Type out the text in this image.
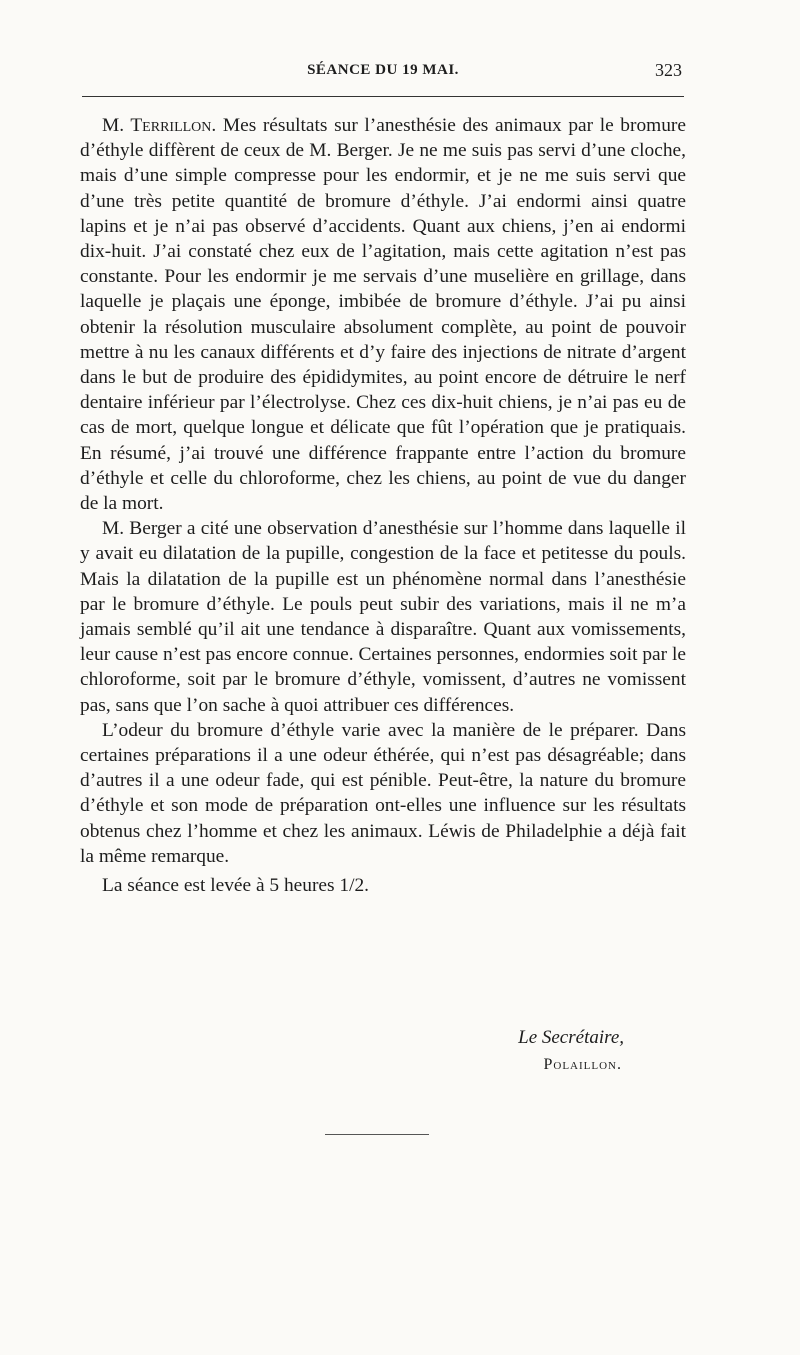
SÉANCE DU 19 MAI.	323

M. Terrillon. Mes résultats sur l’anesthésie des animaux par le bromure d’éthyle diffèrent de ceux de M. Berger. Je ne me suis pas servi d’une cloche, mais d’une simple compresse pour les endormir, et je ne me suis servi que d’une très petite quantité de bromure d’éthyle. J’ai endormi ainsi quatre lapins et je n’ai pas observé d’accidents. Quant aux chiens, j’en ai endormi dix-huit. J’ai constaté chez eux de l’agitation, mais cette agitation n’est pas constante. Pour les endormir je me servais d’une muselière en grillage, dans laquelle je plaçais une éponge, imbibée de bromure d’éthyle. J’ai pu ainsi obtenir la résolution musculaire absolument complète, au point de pouvoir mettre à nu les canaux différents et d’y faire des injections de nitrate d’argent dans le but de produire des épididymites, au point encore de détruire le nerf dentaire inférieur par l’électrolyse. Chez ces dix-huit chiens, je n’ai pas eu de cas de mort, quelque longue et délicate que fût l’opération que je pratiquais. En résumé, j’ai trouvé une différence frappante entre l’action du bromure d’éthyle et celle du chloroforme, chez les chiens, au point de vue du danger de la mort.

M. Berger a cité une observation d’anesthésie sur l’homme dans laquelle il y avait eu dilatation de la pupille, congestion de la face et petitesse du pouls. Mais la dilatation de la pupille est un phénomène normal dans l’anesthésie par le bromure d’éthyle. Le pouls peut subir des variations, mais il ne m’a jamais semblé qu’il ait une tendance à disparaître. Quant aux vomissements, leur cause n’est pas encore connue. Certaines personnes, endormies soit par le chloroforme, soit par le bromure d’éthyle, vomissent, d’autres ne vomissent pas, sans que l’on sache à quoi attribuer ces différences.

L’odeur du bromure d’éthyle varie avec la manière de le préparer. Dans certaines préparations il a une odeur éthérée, qui n’est pas désagréable; dans d’autres il a une odeur fade, qui est pénible. Peut-être, la nature du bromure d’éthyle et son mode de préparation ont-elles une influence sur les résultats obtenus chez l’homme et chez les animaux. Léwis de Philadelphie a déjà fait la même remarque.

La séance est levée à 5 heures 1/2.

Le Secrétaire,
Polaillon.
